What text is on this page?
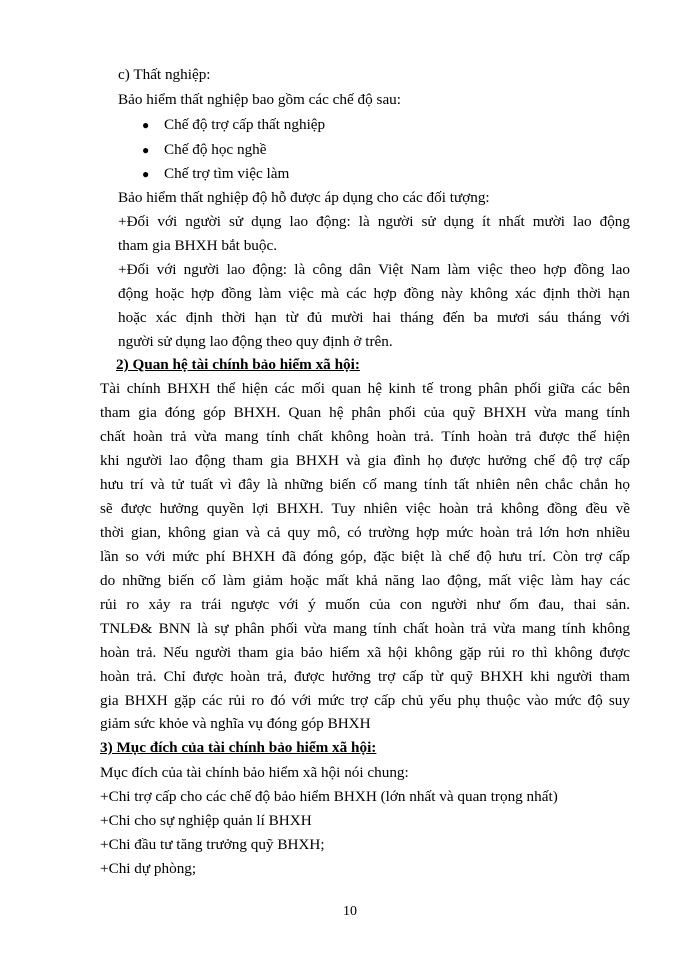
c) Thất nghiệp:
Bảo hiểm thất nghiệp bao gồm các chế độ sau:
● Chế độ trợ cấp thất nghiệp
● Chế độ học nghề
● Chế trợ tìm việc làm
Bảo hiểm thất nghiệp độ hỗ được áp dụng cho các đối tượng:
+Đối với người sử dụng lao động: là người sử dụng ít nhất mười lao động
tham gia BHXH bắt buộc.
+Đối với người lao động: là công dân Việt Nam làm việc theo hợp đồng lao
động hoặc hợp đồng làm việc mà các hợp đồng này không xác định thời hạn
hoặc xác định thời hạn từ đủ mười hai tháng đến ba mươi sáu tháng với
người sử dụng lao động theo quy định ở trên.
2) Quan hệ tài chính bảo hiểm xã hội:
Tài chính BHXH thể hiện các mối quan hệ kinh tế trong phân phối giữa các bên
tham gia đóng góp BHXH. Quan hệ phân phối của quỹ BHXH vừa mang tính
chất hoàn trả vừa mang tính chất không hoàn trả. Tính hoàn trả được thể hiện
khi người lao động tham gia BHXH và gia đình họ được hưởng chế độ trợ cấp
hưu trí và tử tuất vì đây là những biến cố mang tính tất nhiên nên chắc chắn họ
sẽ được hưởng quyền lợi BHXH. Tuy nhiên việc hoàn trả không đồng đều về
thời gian, không gian và cả quy mô, có trường hợp mức hoàn trả lớn hơn nhiều
lần so với mức phí BHXH đã đóng góp, đặc biệt là chế độ hưu trí. Còn trợ cấp
do những biến cố làm giảm hoặc mất khả năng lao động, mất việc làm hay các
rủi ro xảy ra trái ngược với ý muốn của con người như ốm đau, thai sản.
TNLĐ& BNN là sự phân phối vừa mang tính chất hoàn trả vừa mang tính không
hoàn trả. Nếu người tham gia bảo hiểm xã hội không gặp rủi ro thì không được
hoàn trả. Chỉ được hoàn trả, được hưởng trợ cấp từ quỹ BHXH khi người tham
gia BHXH gặp các rủi ro đó với mức trợ cấp chủ yếu phụ thuộc vào mức độ suy
giảm sức khỏe và nghĩa vụ đóng góp BHXH
3) Mục đích của tài chính bảo hiểm xã hội:
Mục đích của tài chính bảo hiểm xã hội nói chung:
+Chi trợ cấp cho các chế độ bảo hiểm BHXH (lớn nhất và quan trọng nhất)
+Chi cho sự nghiệp quản lí BHXH
+Chi đầu tư tăng trưởng quỹ BHXH;
+Chi dự phòng;
10
